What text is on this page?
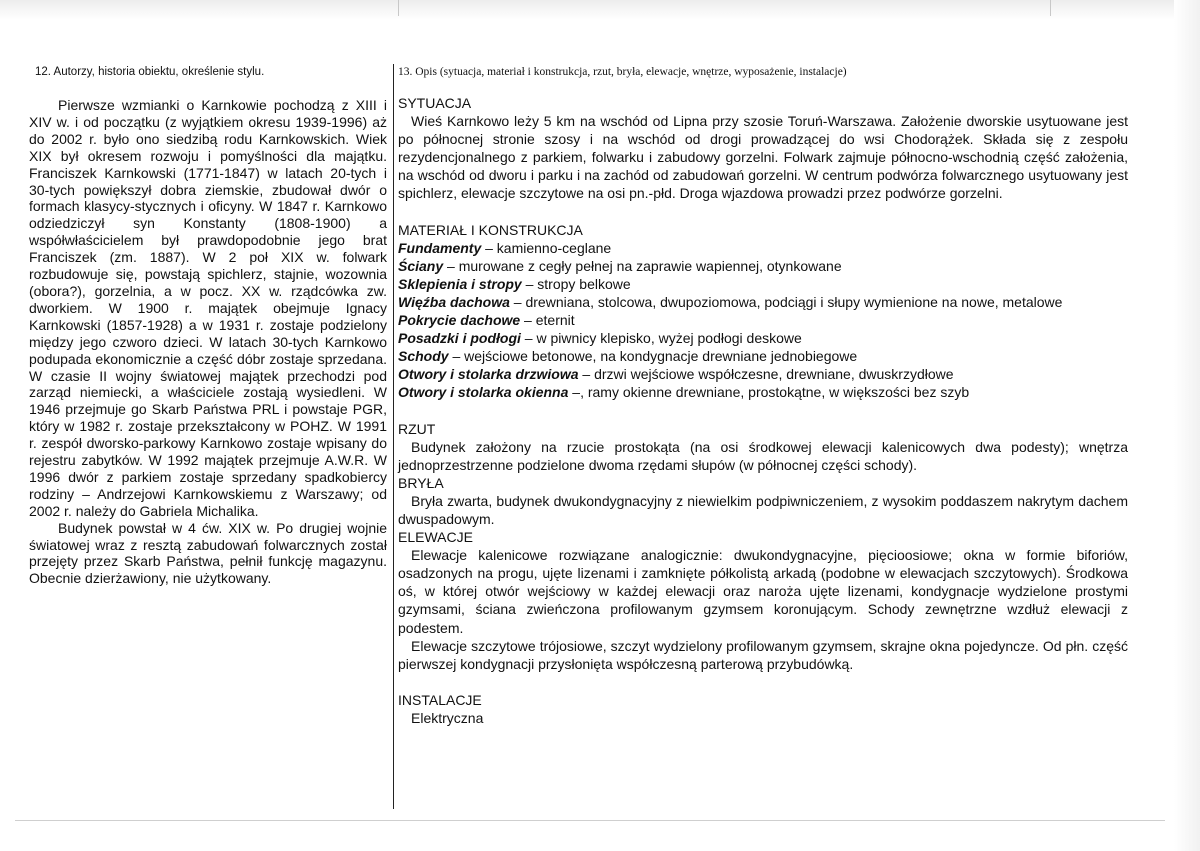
12. Autorzy, historia obiektu, określenie stylu.	13. Opis (sytuacja, materiał i konstrukcja, rzut, bryła, elewacje, wnętrze, wyposażenie, instalacje)

Pierwsze wzmianki o Karnkowie pochodzą z XIII i XIV w. i od początku (z wyjątkiem okresu 1939-1996) aż do 2002 r. było ono siedzibą rodu Karnkowskich. Wiek XIX był okresem rozwoju i pomyślności dla majątku. Franciszek Karnkowski (1771-1847) w latach 20-tych i 30-tych powiększył dobra ziemskie, zbudował dwór o formach klasycy-stycznych i oficyny. W 1847 r. Karnkowo odziedziczył syn Konstanty (1808-1900) a współwłaścicielem był prawdopodobnie jego brat Franciszek (zm. 1887). W 2 poł XIX w. folwark rozbudowuje się, powstają spichlerz, stajnie, wozownia (obora?), gorzelnia, a w pocz. XX w. rządcówka zw. dworkiem. W 1900 r. majątek obejmuje Ignacy Karnkowski (1857-1928) a w 1931 r. zostaje podzielony między jego czworo dzieci. W latach 30-tych Karnkowo podupada ekonomicznie a część dóbr zostaje sprzedana. W czasie II wojny światowej majątek przechodzi pod zarząd niemiecki, a właściciele zostają wysiedleni. W 1946 przejmuje go Skarb Państwa PRL i powstaje PGR, który w 1982 r. zostaje przekształcony w POHZ. W 1991 r. zespół dworsko-parkowy Karnkowo zostaje wpisany do rejestru zabytków. W 1992 majątek przejmuje A.W.R. W 1996 dwór z parkiem zostaje sprzedany spadkobiercy rodziny – Andrzejowi Karnkowskiemu z Warszawy; od 2002 r. należy do Gabriela Michalika.

Budynek powstał w 4 ćw. XIX w. Po drugiej wojnie światowej wraz z resztą zabudowań folwarcznych został przejęty przez Skarb Państwa, pełnił funkcję magazynu. Obecnie dzierżawiony, nie użytkowany.

SYTUACJA

Wieś Karnkowo leży 5 km na wschód od Lipna przy szosie Toruń-Warszawa. Założenie dworskie usytuowane jest po północnej stronie szosy i na wschód od drogi prowadzącej do wsi Chodorążek. Składa się z zespołu rezydencjonalnego z parkiem, folwarku i zabudowy gorzelni. Folwark zajmuje północno-wschodnią część założenia, na wschód od dworu i parku i na zachód od zabudowań gorzelni. W centrum podwórza folwarcznego usytuowany jest spichlerz, elewacje szczytowe na osi pn.-płd. Droga wjazdowa prowadzi przez podwórze gorzelni.

MATERIAŁ I KONSTRUKCJA

Fundamenty – kamienno-ceglane

Ściany – murowane z cegły pełnej na zaprawie wapiennej, otynkowane

Sklepienia i stropy – stropy belkowe

Więźba dachowa – drewniana, stolcowa, dwupoziomowa, podciągi i słupy wymienione na nowe, metalowe

Pokrycie dachowe – eternit

Posadzki i podłogi – w piwnicy klepisko, wyżej podłogi deskowe

Schody – wejściowe betonowe, na kondygnacje drewniane jednobiegowe

Otwory i stolarka drzwiowa – drzwi wejściowe współczesne, drewniane, dwuskrzydłowe

Otwory i stolarka okienna –, ramy okienne drewniane, prostokątne, w większości bez szyb

RZUT

Budynek założony na rzucie prostokąta (na osi środkowej elewacji kalenicowych dwa podesty); wnętrza jednoprzestrzenne podzielone dwoma rzędami słupów (w północnej części schody).

BRYŁA

Bryła zwarta, budynek dwukondygnacyjny z niewielkim podpiwniczeniem, z wysokim poddaszem nakrytym dachem dwuspadowym.

ELEWACJE

Elewacje kalenicowe rozwiązane analogicznie: dwukondygnacyjne, pięcioosiowe; okna w formie biforiów, osadzonych na progu, ujęte lizenami i zamknięte półkolistą arkadą (podobne w elewacjach szczytowych). Środkowa oś, w której otwór wejściowy w każdej elewacji oraz naroża ujęte lizenami, kondygnacje wydzielone prostymi gzymsami, ściana zwieńczona profilowanym gzymsem koronującym. Schody zewnętrzne wzdłuż elewacji z podestem.

Elewacje szczytowe trójosiowe, szczyt wydzielony profilowanym gzymsem, skrajne okna pojedyncze. Od płn. część pierwszej kondygnacji przysłonięta współczesną parterową przybudówką.

INSTALACJE

Elektryczna
